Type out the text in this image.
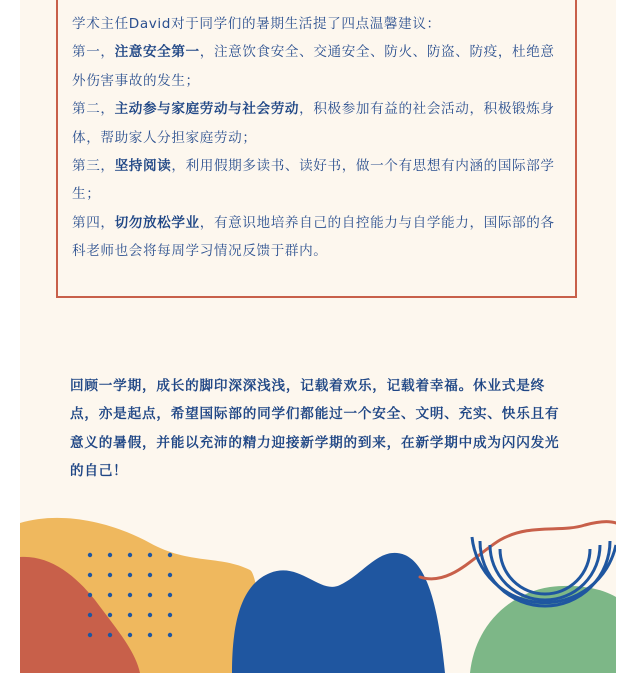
学术主任David对于同学们的暑期生活提了四点温馨建议：

第一，注意安全第一，注意饮食安全、交通安全、防火、防盗、防疫，杜绝意外伤害事故的发生；

第二，主动参与家庭劳动与社会劳动，积极参加有益的社会活动，积极锻炼身体，帮助家人分担家庭劳动；

第三，坚持阅读，利用假期多读书、读好书，做一个有思想有内涵的国际部学生；

第四，切勿放松学业，有意识地培养自己的自控能力与自学能力，国际部的各科老师也会将每周学习情况反馈于群内。

回顾一学期，成长的脚印深深浅浅，记载着欢乐，记载着幸福。休业式是终点，亦是起点，希望国际部的同学们都能过一个安全、文明、充实、快乐且有意义的暑假，并能以充沛的精力迎接新学期的到来，在新学期中成为闪闪发光的自己！
